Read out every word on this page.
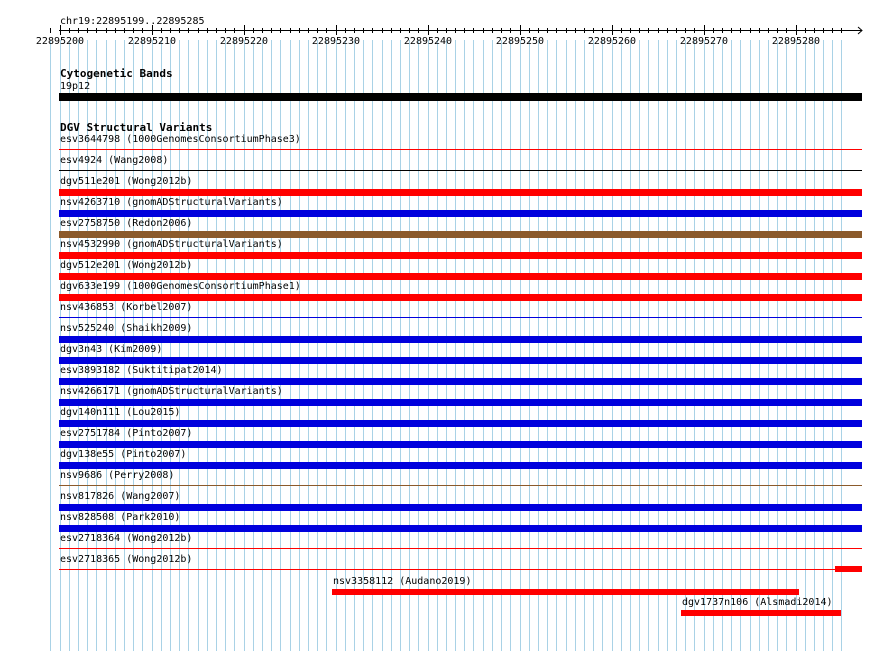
chr19:22895199..22895285
22895200	22895210	22895220	22895230	22895240	22895250	22895260	22895270	22895280
Cytogenetic Bands
19p12
DGV Structural Variants
esv3644798 (1000GenomesConsortiumPhase3)
esv4924 (Wang2008)
dgv511e201 (Wong2012b)
nsv4263710 (gnomADStructuralVariants)
esv2758750 (Redon2006)
nsv4532990 (gnomADStructuralVariants)
dgv512e201 (Wong2012b)
dgv633e199 (1000GenomesConsortiumPhase1)
nsv436853 (Korbel2007)
nsv525240 (Shaikh2009)
dgv3n43 (Kim2009)
esv3893182 (Suktitipat2014)
nsv4266171 (gnomADStructuralVariants)
dgv140n111 (Lou2015)
esv2751784 (Pinto2007)
dgv138e55 (Pinto2007)
nsv9686 (Perry2008)
nsv817826 (Wang2007)
nsv828508 (Park2010)
esv2718364 (Wong2012b)
esv2718365 (Wong2012b)
nsv3358112 (Audano2019)
dgv1737n106 (Alsmadi2014)
